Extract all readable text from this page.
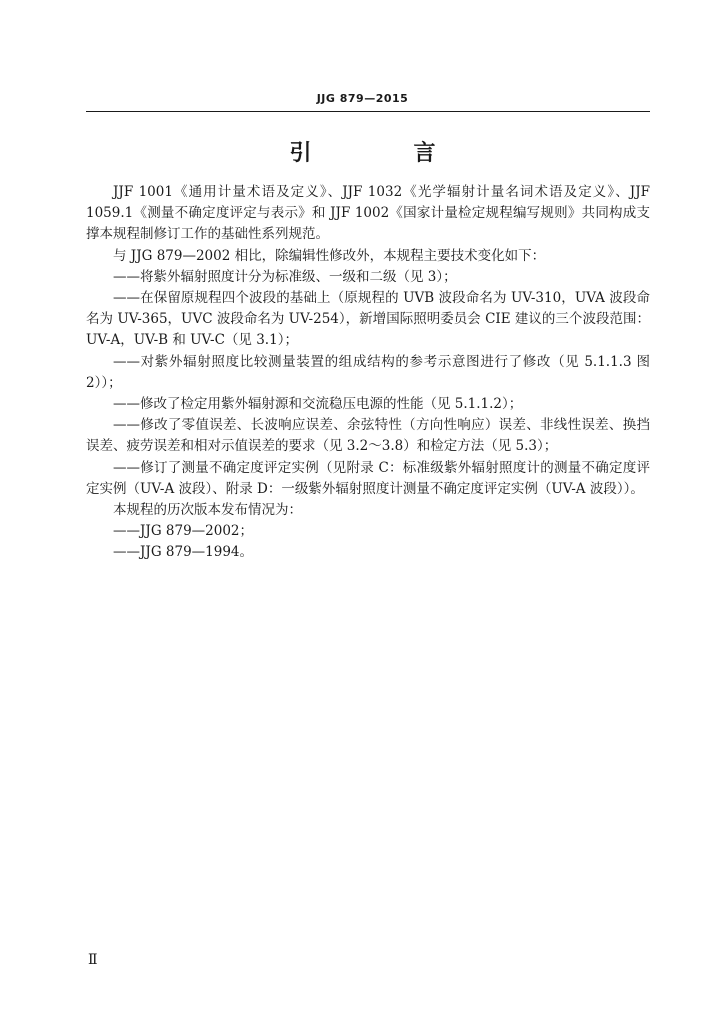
JJG 879—2015
引　言

JJF 1001《通用计量术语及定义》、JJF 1032《光学辐射计量名词术语及定义》、JJF 1059.1《测量不确定度评定与表示》和 JJF 1002《国家计量检定规程编写规则》共同构成支撑本规程制修订工作的基础性系列规范。

与 JJG 879—2002 相比，除编辑性修改外，本规程主要技术变化如下：

——将紫外辐射照度计分为标准级、一级和二级（见 3）；

——在保留原规程四个波段的基础上（原规程的 UVB 波段命名为 UV-310，UVA 波段命名为 UV-365，UVC 波段命名为 UV-254），新增国际照明委员会 CIE 建议的三个波段范围：UV-A，UV-B 和 UV-C（见 3.1）；

——对紫外辐射照度比较测量装置的组成结构的参考示意图进行了修改（见 5.1.1.3 图 2））；

——修改了检定用紫外辐射源和交流稳压电源的性能（见 5.1.1.2）；

——修改了零值误差、长波响应误差、余弦特性（方向性响应）误差、非线性误差、换挡误差、疲劳误差和相对示值误差的要求（见 3.2～3.8）和检定方法（见 5.3）；

——修订了测量不确定度评定实例（见附录 C：标准级紫外辐射照度计的测量不确定度评定实例（UV-A 波段）、附录 D：一级紫外辐射照度计测量不确定度评定实例（UV-A 波段））。

本规程的历次版本发布情况为：

——JJG 879—2002；

——JJG 879—1994。

Ⅱ
